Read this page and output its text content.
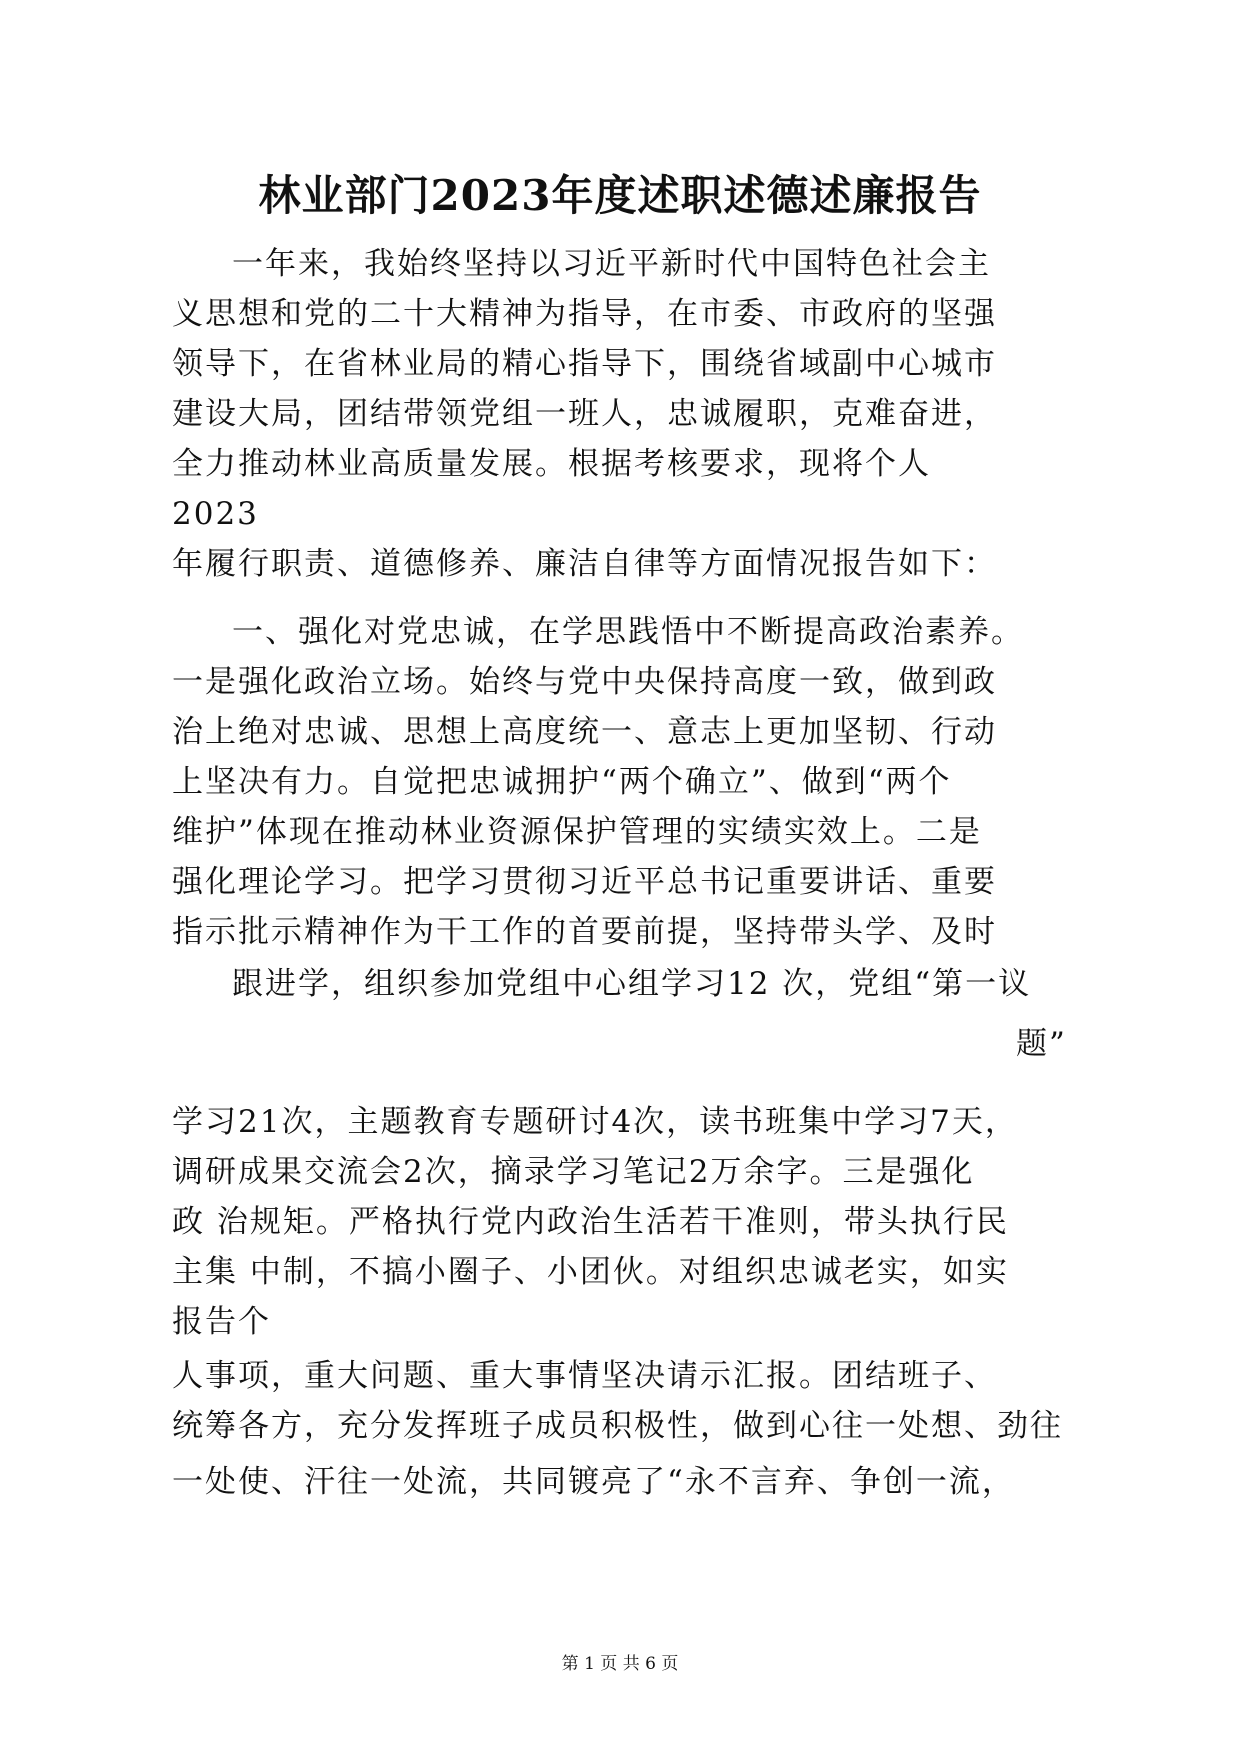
林业部门2023年度述职述德述廉报告
一年来，我始终坚持以习近平新时代中国特色社会主
义思想和党的二十大精神为指导，在市委、市政府的坚强
领导下，在省林业局的精心指导下，围绕省域副中心城市
建设大局，团结带领党组一班人，忠诚履职，克难奋进，
全力推动林业高质量发展。根据考核要求，现将个人
2023
年履行职责、道德修养、廉洁自律等方面情况报告如下：
一、强化对党忠诚，在学思践悟中不断提高政治素养。
一是强化政治立场。始终与党中央保持高度一致，做到政
治上绝对忠诚、思想上高度统一、意志上更加坚韧、行动
上坚决有力。自觉把忠诚拥护“两个确立”、做到“两个
维护”体现在推动林业资源保护管理的实绩实效上。二是
强化理论学习。把学习贯彻习近平总书记重要讲话、重要
指示批示精神作为干工作的首要前提，坚持带头学、及时
跟进学，组织参加党组中心组学习12 次，党组“第一议
题”
学习21次，主题教育专题研讨4次，读书班集中学习7天，
调研成果交流会2次，摘录学习笔记2万余字。三是强化
政 治规矩。严格执行党内政治生活若干准则，带头执行民
主集 中制，不搞小圈子、小团伙。对组织忠诚老实，如实
报告个
人事项，重大问题、重大事情坚决请示汇报。团结班子、
统筹各方，充分发挥班子成员积极性，做到心往一处想、劲往
一处使、汗往一处流，共同镀亮了“永不言弃、争创一流，
第 1 页 共 6 页
